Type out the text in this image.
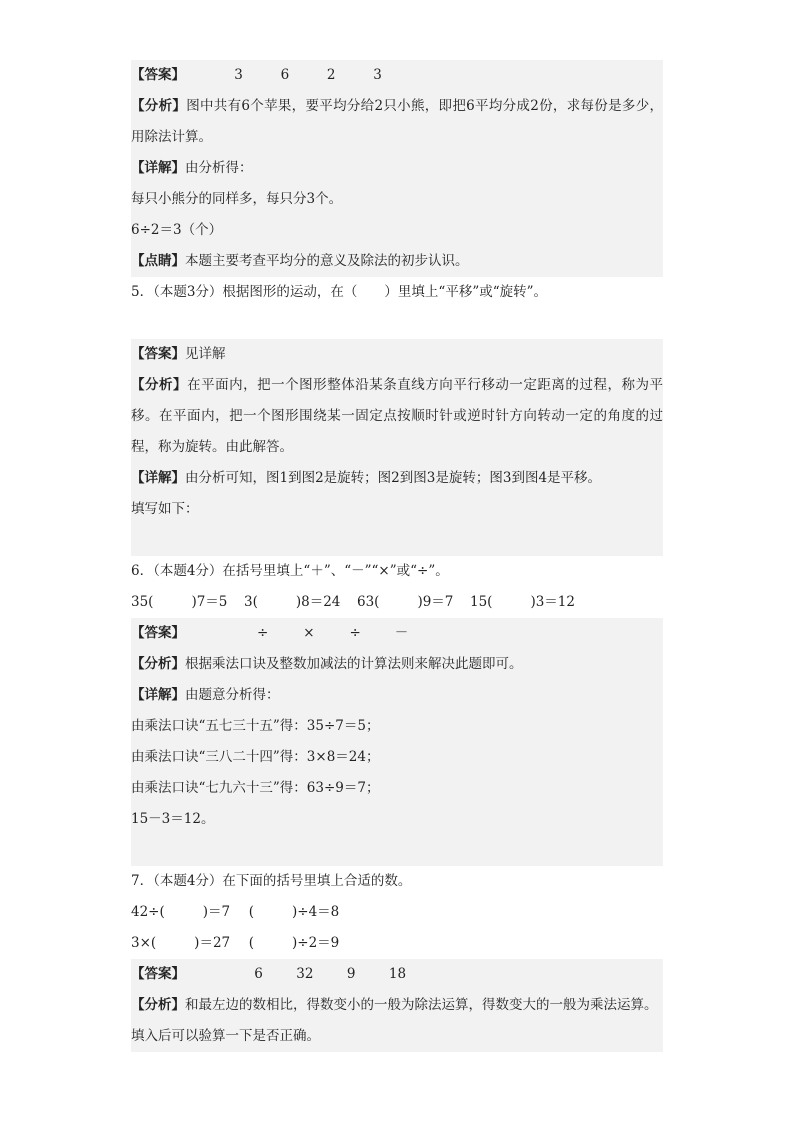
【答案】	3	6	2	3
【分析】图中共有6个苹果，要平均分给2只小熊，即把6平均分成2份，求每份是多少，用除法计算。
【详解】由分析得：
每只小熊分的同样多，每只分3个。
6÷2＝3（个）
【点睛】本题主要考查平均分的意义及除法的初步认识。
5．（本题3分）根据图形的运动，在（　　）里填上“平移”或“旋转”。
【答案】见详解
【分析】在平面内，把一个图形整体沿某条直线方向平行移动一定距离的过程，称为平移。在平面内，把一个图形围绕某一固定点按顺时针或逆时针方向转动一定的角度的过程，称为旋转。由此解答。
【详解】由分析可知，图1到图2是旋转；图2到图3是旋转；图3到图4是平移。
填写如下：
6．（本题4分）在括号里填上“＋”、“－”“×”或“÷”。
35(	)7＝5 3(	)8＝24 63(	)9＝7 15(	)3＝12
【答案】	÷	×	÷	－
【分析】根据乘法口诀及整数加减法的计算法则来解决此题即可。
【详解】由题意分析得：
由乘法口诀“五七三十五”得：35÷7＝5；
由乘法口诀“三八二十四”得：3×8＝24；
由乘法口诀“七九六十三”得：63÷9＝7；
15－3＝12。
7．（本题4分）在下面的括号里填上合适的数。
42÷(	)＝7 (	)÷4＝8
3×(	)＝27 (	)÷2＝9
【答案】	6 32 9 18
【分析】和最左边的数相比，得数变小的一般为除法运算，得数变大的一般为乘法运算。
填入后可以验算一下是否正确。
